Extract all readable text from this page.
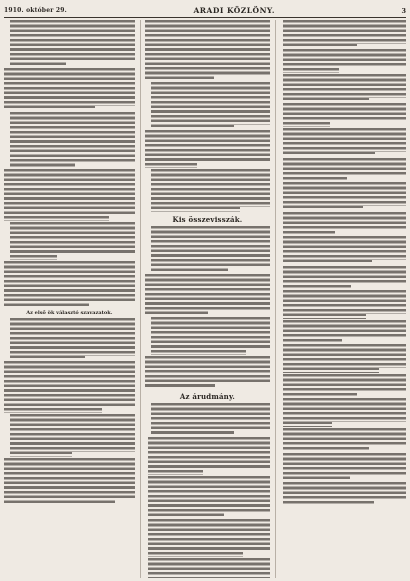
1910. október 29.	ARADI KÖZLÖNY.	3
Az első ök választó szavazatok.
Kis összevisszák.
Az árudmány.
